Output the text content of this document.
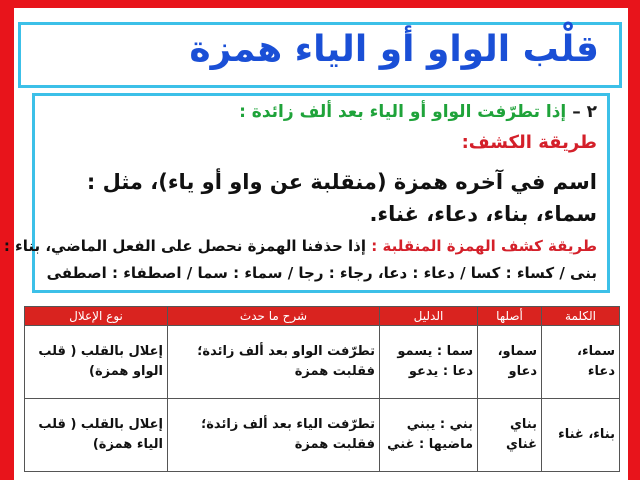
قلْب الواو أو الياء همزة

٢ – إذا تطرّفت الواو أو الياء بعد ألف زائدة :

طريقة الكشف:

اسم في آخره همزة (منقلبة عن واو أو ياء)، مثل : سماء، بناء، دعاء، غناء.

طريقة كشف الهمزة المنقلبة : إذا حذفنا الهمزة نحصل على الفعل الماضي، بناء :

بنى / كساء : كسا / دعاء : دعا، رجاء : رجا / سماء : سما / اصطفاء : اصطفى

الكلمة	أصلها	الدليل	شرح ما حدث	نوع الإعلال
سماء، دعاء	سماو، دعاو	سما : يسمو دعا : يدعو	تطرّفت الواو بعد ألف زائدة؛ فقلبت همزة	إعلال بالقلب ( قلب الواو همزة)
بناء، غناء	بناي غناي	بني : يبني ماضيها : غني	تطرّفت الياء بعد ألف زائدة؛ فقلبت همزة	إعلال بالقلب ( قلب الياء همزة)
